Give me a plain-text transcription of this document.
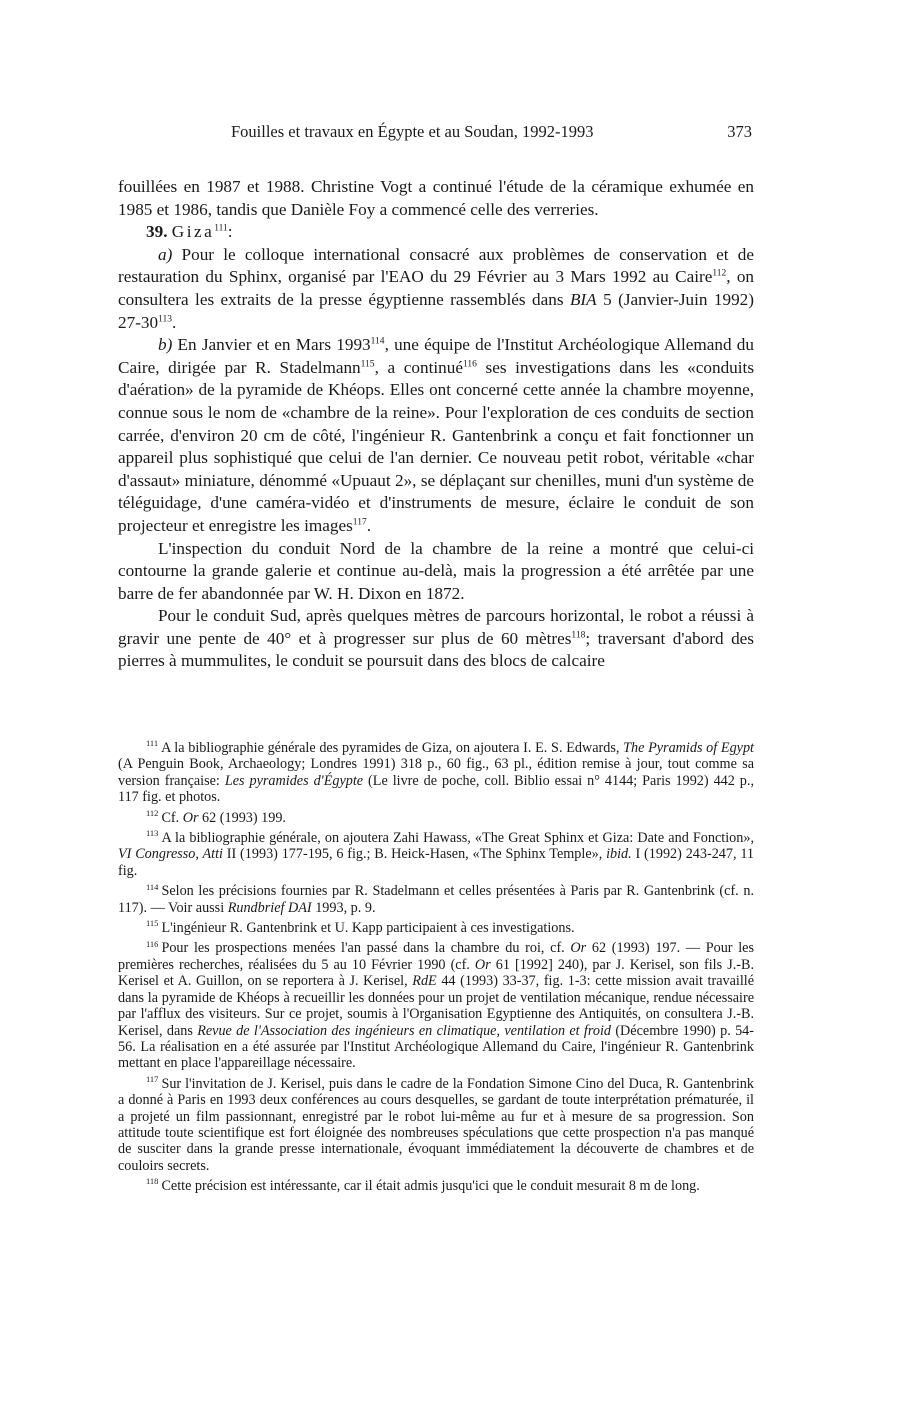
Fouilles et travaux en Égypte et au Soudan, 1992-1993	373

fouillées en 1987 et 1988. Christine Vogt a continué l'étude de la céramique exhumée en 1985 et 1986, tandis que Danièle Foy a commencé celle des verreries.

39. Giza$^{111}$:

a) Pour le colloque international consacré aux problèmes de conservation et de restauration du Sphinx, organisé par l'EAO du 29 Février au 3 Mars 1992 au Caire$^{112}$, on consultera les extraits de la presse égyptienne rassemblés dans BIA 5 (Janvier-Juin 1992) 27-30$^{113}$.

b) En Janvier et en Mars 1993$^{114}$, une équipe de l'Institut Archéologique Allemand du Caire, dirigée par R. Stadelmann$^{115}$, a continué$^{116}$ ses investigations dans les «conduits d'aération» de la pyramide de Khéops. Elles ont concerné cette année la chambre moyenne, connue sous le nom de «chambre de la reine». Pour l'exploration de ces conduits de section carrée, d'environ 20 cm de côté, l'ingénieur R. Gantenbrink a conçu et fait fonctionner un appareil plus sophistiqué que celui de l'an dernier. Ce nouveau petit robot, véritable «char d'assaut» miniature, dénommé «Upuaut 2», se déplaçant sur chenilles, muni d'un système de téléguidage, d'une caméra-vidéo et d'instruments de mesure, éclaire le conduit de son projecteur et enregistre les images$^{117}$.

L'inspection du conduit Nord de la chambre de la reine a montré que celui-ci contourne la grande galerie et continue au-delà, mais la progression a été arrêtée par une barre de fer abandonnée par W. H. Dixon en 1872.

Pour le conduit Sud, après quelques mètres de parcours horizontal, le robot a réussi à gravir une pente de 40° et à progresser sur plus de 60 mètres$^{118}$; traversant d'abord des pierres à mummulites, le conduit se poursuit dans des blocs de calcaire

$^{111}$ A la bibliographie générale des pyramides de Giza, on ajoutera I. E. S. Edwards, The Pyramids of Egypt (A Penguin Book, Archaeology; Londres 1991) 318 p., 60 fig., 63 pl., édition remise à jour, tout comme sa version française: Les pyramides d'Égypte (Le livre de poche, coll. Biblio essai n° 4144; Paris 1992) 442 p., 117 fig. et photos.

$^{112}$ Cf. Or 62 (1993) 199.

$^{113}$ A la bibliographie générale, on ajoutera Zahi Hawass, «The Great Sphinx et Giza: Date and Fonction», VI Congresso, Atti II (1993) 177-195, 6 fig.; B. Heick-Hasen, «The Sphinx Temple», ibid. I (1992) 243-247, 11 fig.

$^{114}$ Selon les précisions fournies par R. Stadelmann et celles présentées à Paris par R. Gantenbrink (cf. n. 117). — Voir aussi Rundbrief DAI 1993, p. 9.

$^{115}$ L'ingénieur R. Gantenbrink et U. Kapp participaient à ces investigations.

$^{116}$ Pour les prospections menées l'an passé dans la chambre du roi, cf. Or 62 (1993) 197. — Pour les premières recherches, réalisées du 5 au 10 Février 1990 (cf. Or 61 [1992] 240), par J. Kerisel, son fils J.-B. Kerisel et A. Guillon, on se reportera à J. Kerisel, RdE 44 (1993) 33-37, fig. 1-3: cette mission avait travaillé dans la pyramide de Khéops à recueillir les données pour un projet de ventilation mécanique, rendue nécessaire par l'afflux des visiteurs. Sur ce projet, soumis à l'Organisation Egyptienne des Antiquités, on consultera J.-B. Kerisel, dans Revue de l'Association des ingénieurs en climatique, ventilation et froid (Décembre 1990) p. 54-56. La réalisation en a été assurée par l'Institut Archéologique Allemand du Caire, l'ingénieur R. Gantenbrink mettant en place l'appareillage nécessaire.

$^{117}$ Sur l'invitation de J. Kerisel, puis dans le cadre de la Fondation Simone Cino del Duca, R. Gantenbrink a donné à Paris en 1993 deux conférences au cours desquelles, se gardant de toute interprétation prématurée, il a projeté un film passionnant, enregistré par le robot lui-même au fur et à mesure de sa progression. Son attitude toute scientifique est fort éloignée des nombreuses spéculations que cette prospection n'a pas manqué de susciter dans la grande presse internationale, évoquant immédiatement la découverte de chambres et de couloirs secrets.

$^{118}$ Cette précision est intéressante, car il était admis jusqu'ici que le conduit mesurait 8 m de long.
